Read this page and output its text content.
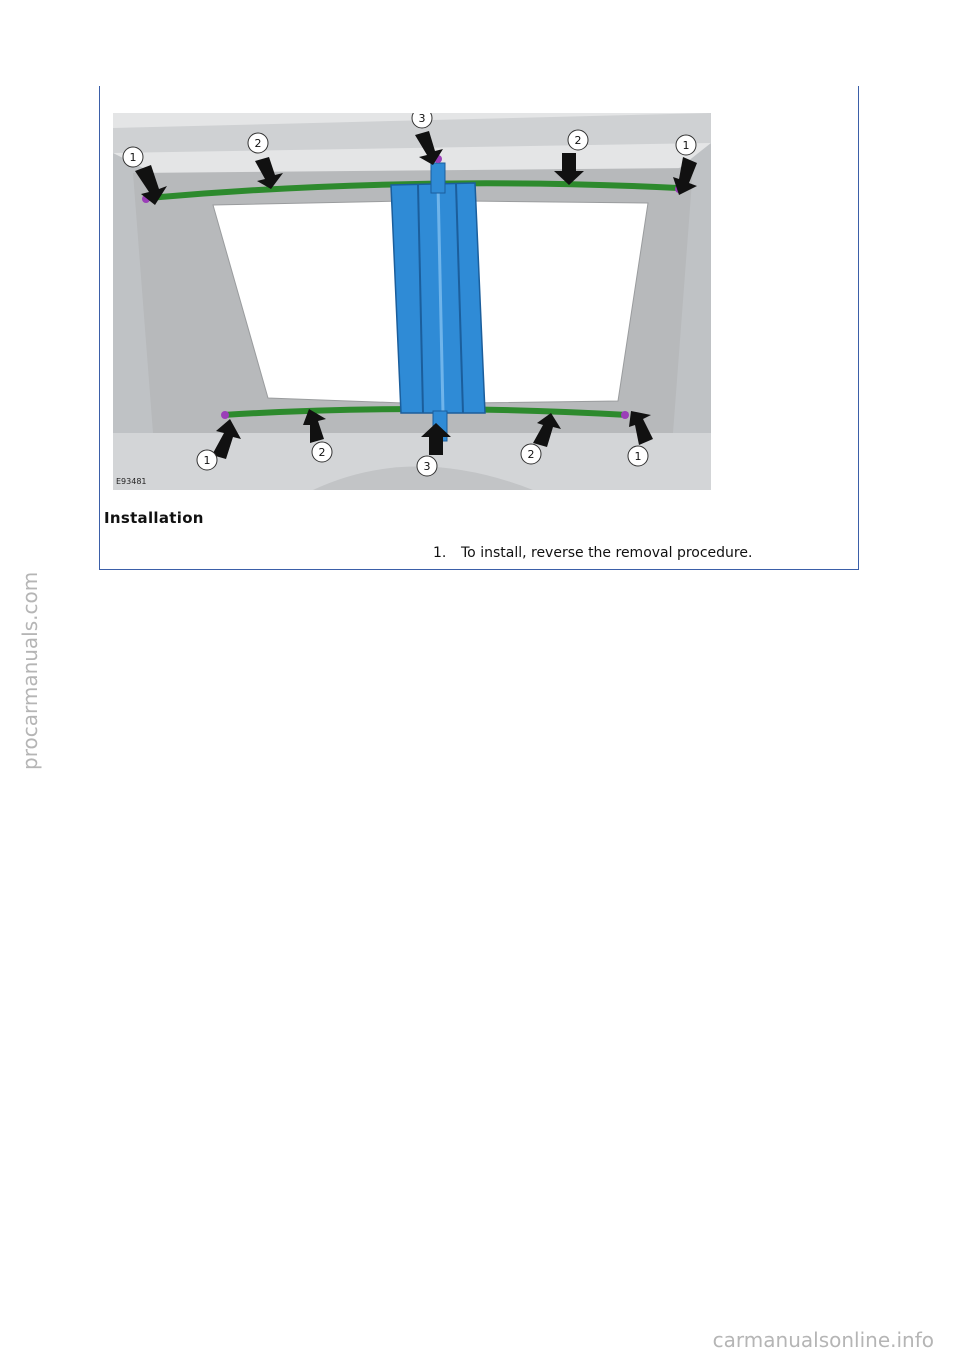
1
2
3
2	1
1
2
3
2	1
E93481
Installation
1. To install, reverse the removal procedure.
procarmanuals.com
carmanualsonline.info
